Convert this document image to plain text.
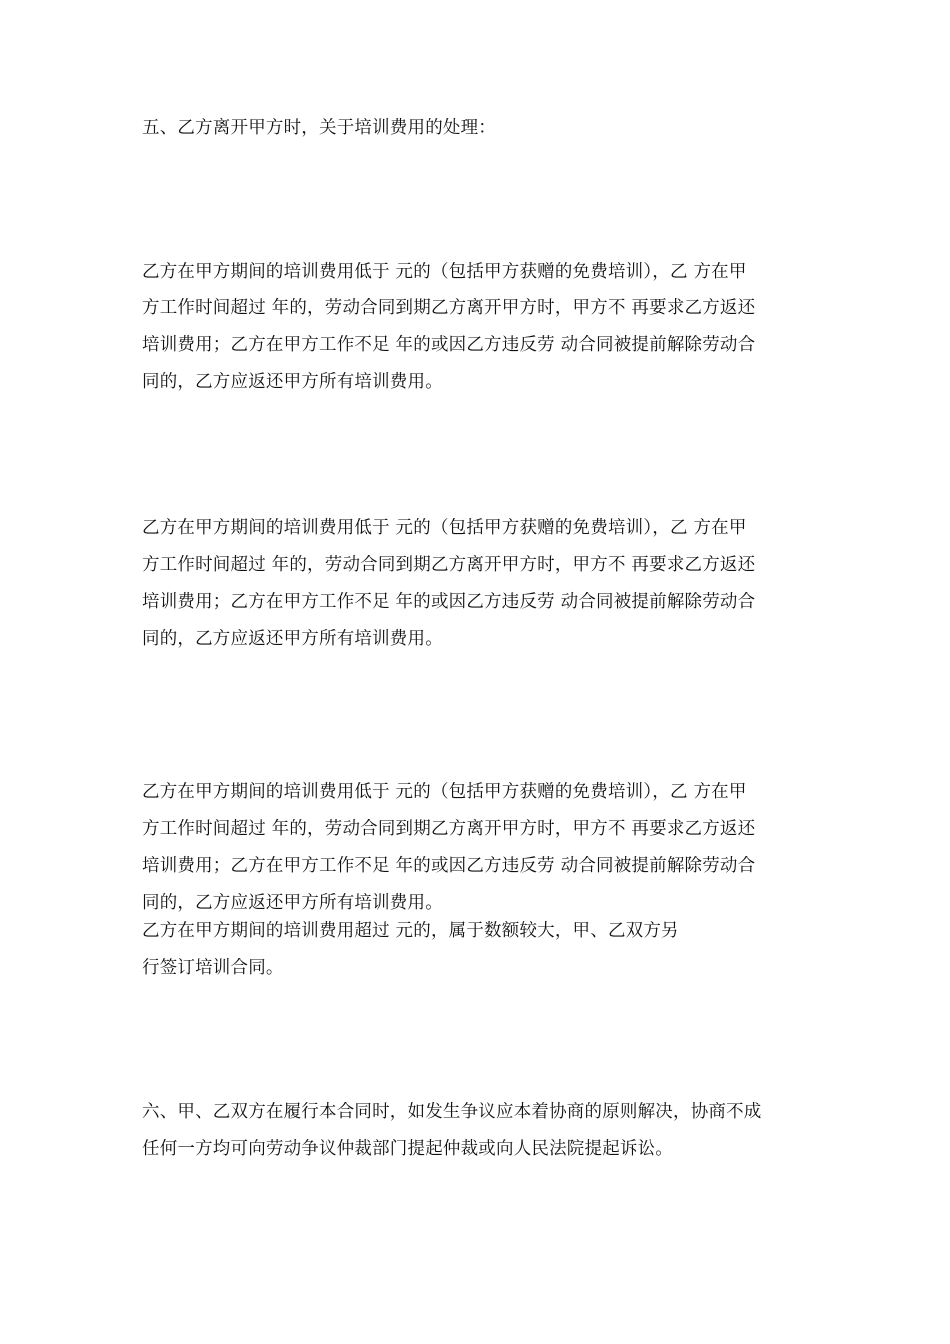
五、乙方离开甲方时，关于培训费用的处理：
乙方在甲方期间的培训费用低于 元的（包括甲方获赠的免费培训），乙 方在甲
方工作时间超过 年的，劳动合同到期乙方离开甲方时，甲方不 再要求乙方返还
培训费用；乙方在甲方工作不足 年的或因乙方违反劳 动合同被提前解除劳动合
同的，乙方应返还甲方所有培训费用。
乙方在甲方期间的培训费用低于 元的（包括甲方获赠的免费培训），乙 方在甲
方工作时间超过 年的，劳动合同到期乙方离开甲方时，甲方不 再要求乙方返还
培训费用；乙方在甲方工作不足 年的或因乙方违反劳 动合同被提前解除劳动合
同的，乙方应返还甲方所有培训费用。
乙方在甲方期间的培训费用低于 元的（包括甲方获赠的免费培训），乙 方在甲
方工作时间超过 年的，劳动合同到期乙方离开甲方时，甲方不 再要求乙方返还
培训费用；乙方在甲方工作不足 年的或因乙方违反劳 动合同被提前解除劳动合
同的，乙方应返还甲方所有培训费用。
乙方在甲方期间的培训费用超过 元的，属于数额较大，甲、乙双方另
行签订培训合同。
六、甲、乙双方在履行本合同时，如发生争议应本着协商的原则解决，协商不成
任何一方均可向劳动争议仲裁部门提起仲裁或向人民法院提起诉讼。
